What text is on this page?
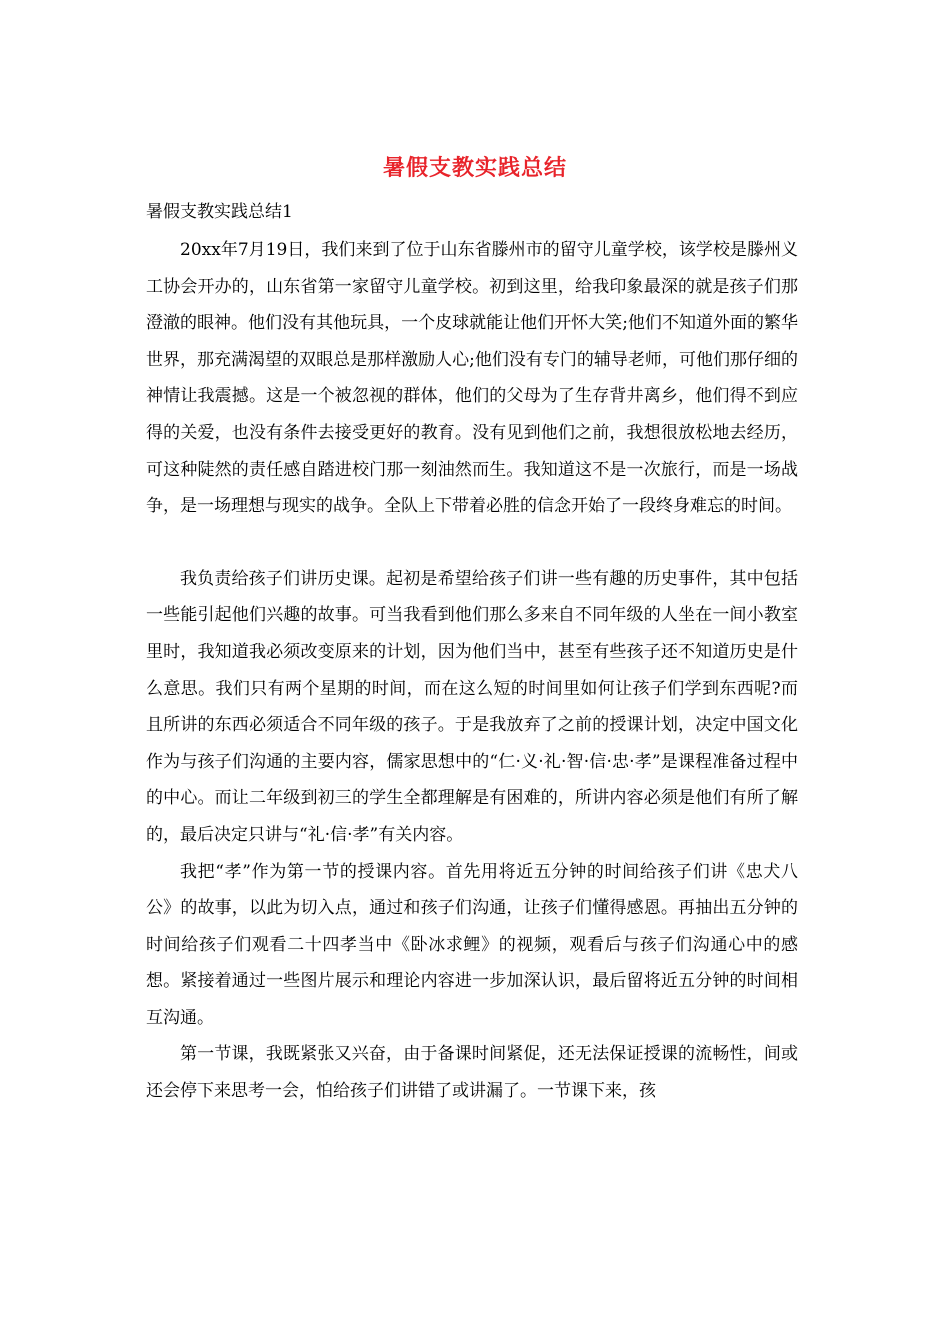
暑假支教实践总结
暑假支教实践总结1

20xx年7月19日，我们来到了位于山东省滕州市的留守儿童学校，该学校是滕州义工协会开办的，山东省第一家留守儿童学校。初到这里，给我印象最深的就是孩子们那澄澈的眼神。他们没有其他玩具，一个皮球就能让他们开怀大笑;他们不知道外面的繁华世界，那充满渴望的双眼总是那样激励人心;他们没有专门的辅导老师，可他们那仔细的神情让我震撼。这是一个被忽视的群体，他们的父母为了生存背井离乡，他们得不到应得的关爱，也没有条件去接受更好的教育。没有见到他们之前，我想很放松地去经历，可这种陡然的责任感自踏进校门那一刻油然而生。我知道这不是一次旅行，而是一场战争，是一场理想与现实的战争。全队上下带着必胜的信念开始了一段终身难忘的时间。

我负责给孩子们讲历史课。起初是希望给孩子们讲一些有趣的历史事件，其中包括一些能引起他们兴趣的故事。可当我看到他们那么多来自不同年级的人坐在一间小教室里时，我知道我必须改变原来的计划，因为他们当中，甚至有些孩子还不知道历史是什么意思。我们只有两个星期的时间，而在这么短的时间里如何让孩子们学到东西呢?而且所讲的东西必须适合不同年级的孩子。于是我放弃了之前的授课计划，决定中国文化作为与孩子们沟通的主要内容，儒家思想中的“仁·义·礼·智·信·忠·孝”是课程准备过程中的中心。而让二年级到初三的学生全都理解是有困难的，所讲内容必须是他们有所了解的，最后决定只讲与“礼·信·孝”有关内容。

我把“孝”作为第一节的授课内容。首先用将近五分钟的时间给孩子们讲《忠犬八公》的故事，以此为切入点，通过和孩子们沟通，让孩子们懂得感恩。再抽出五分钟的时间给孩子们观看二十四孝当中《卧冰求鲤》的视频，观看后与孩子们沟通心中的感想。紧接着通过一些图片展示和理论内容进一步加深认识，最后留将近五分钟的时间相互沟通。

第一节课，我既紧张又兴奋，由于备课时间紧促，还无法保证授课的流畅性，间或还会停下来思考一会，怕给孩子们讲错了或讲漏了。一节课下来，孩
